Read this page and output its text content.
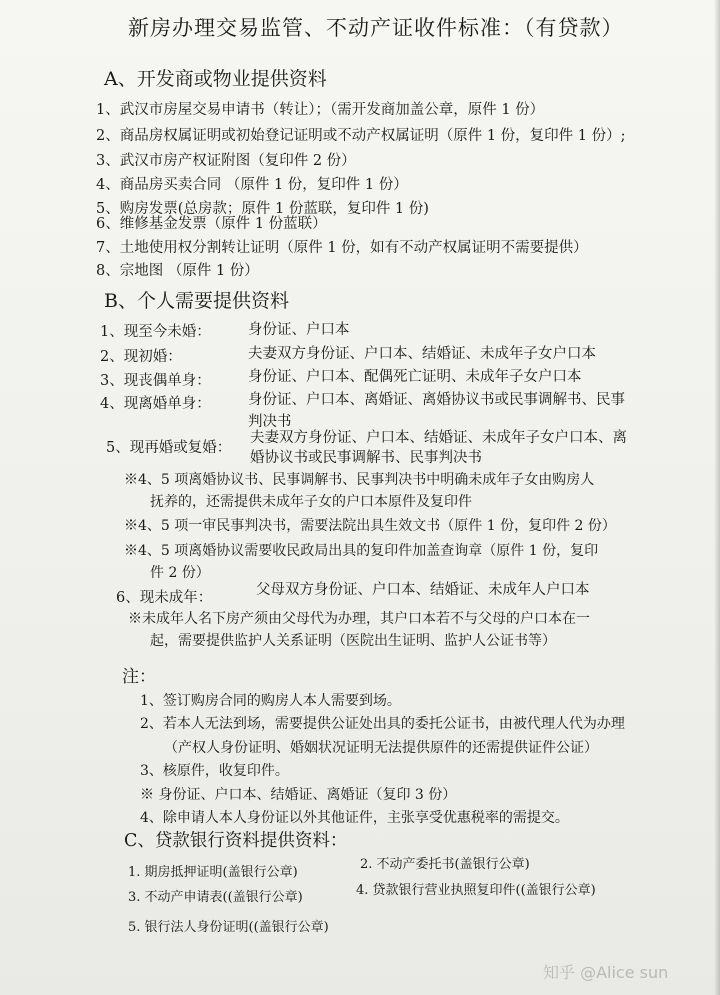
新房办理交易监管、不动产证收件标准：（有贷款）
A、开发商或物业提供资料
1、武汉市房屋交易申请书（转让）；（需开发商加盖公章，原件 1 份）
2、商品房权属证明或初始登记证明或不动产权属证明（原件 1 份，复印件 1 份）;
3、武汉市房产权证附图（复印件 2 份）
4、商品房买卖合同 （原件 1 份，复印件 1 份）
5、购房发票(总房款；原件 1 份蓝联，复印件 1 份)
6、维修基金发票（原件 1 份蓝联）
7、土地使用权分割转让证明（原件 1 份，如有不动产权属证明不需要提供）
8、宗地图 （原件 1 份）
B、个人需要提供资料
1、现至今未婚：	身份证、户口本
2、现初婚：	夫妻双方身份证、户口本、结婚证、未成年子女户口本
3、现丧偶单身：	身份证、户口本、配偶死亡证明、未成年子女户口本
4、现离婚单身：	身份证、户口本、离婚证、离婚协议书或民事调解书、民事
判决书
5、现再婚或复婚：
夫妻双方身份证、户口本、结婚证、未成年子女户口本、离
婚协议书或民事调解书、民事判决书
※4、5 项离婚协议书、民事调解书、民事判决书中明确未成年子女由购房人
抚养的，还需提供未成年子女的户口本原件及复印件
※4、5 项一审民事判决书，需要法院出具生效文书（原件 1 份，复印件 2 份）
※4、5 项离婚协议需要收民政局出具的复印件加盖查询章（原件 1 份，复印
件 2 份）
6、现未成年：	父母双方身份证、户口本、结婚证、未成年人户口本
※未成年人名下房产须由父母代为办理，其户口本若不与父母的户口本在一
起，需要提供监护人关系证明（医院出生证明、监护人公证书等）
注：
1、签订购房合同的购房人本人需要到场。
2、若本人无法到场，需要提供公证处出具的委托公证书，由被代理人代为办理
（产权人身份证明、婚姻状况证明无法提供原件的还需提供证件公证）
3、核原件，收复印件。
※ 身份证、户口本、结婚证、离婚证（复印 3 份）
4、除申请人本人身份证以外其他证件，主张享受优惠税率的需提交。
C、贷款银行资料提供资料：
1. 期房抵押证明(盖银行公章)
2. 不动产委托书(盖银行公章)
3. 不动产申请表((盖银行公章)	4. 贷款银行营业执照复印件((盖银行公章)
5. 银行法人身份证明((盖银行公章)
知乎 @Alice sun
